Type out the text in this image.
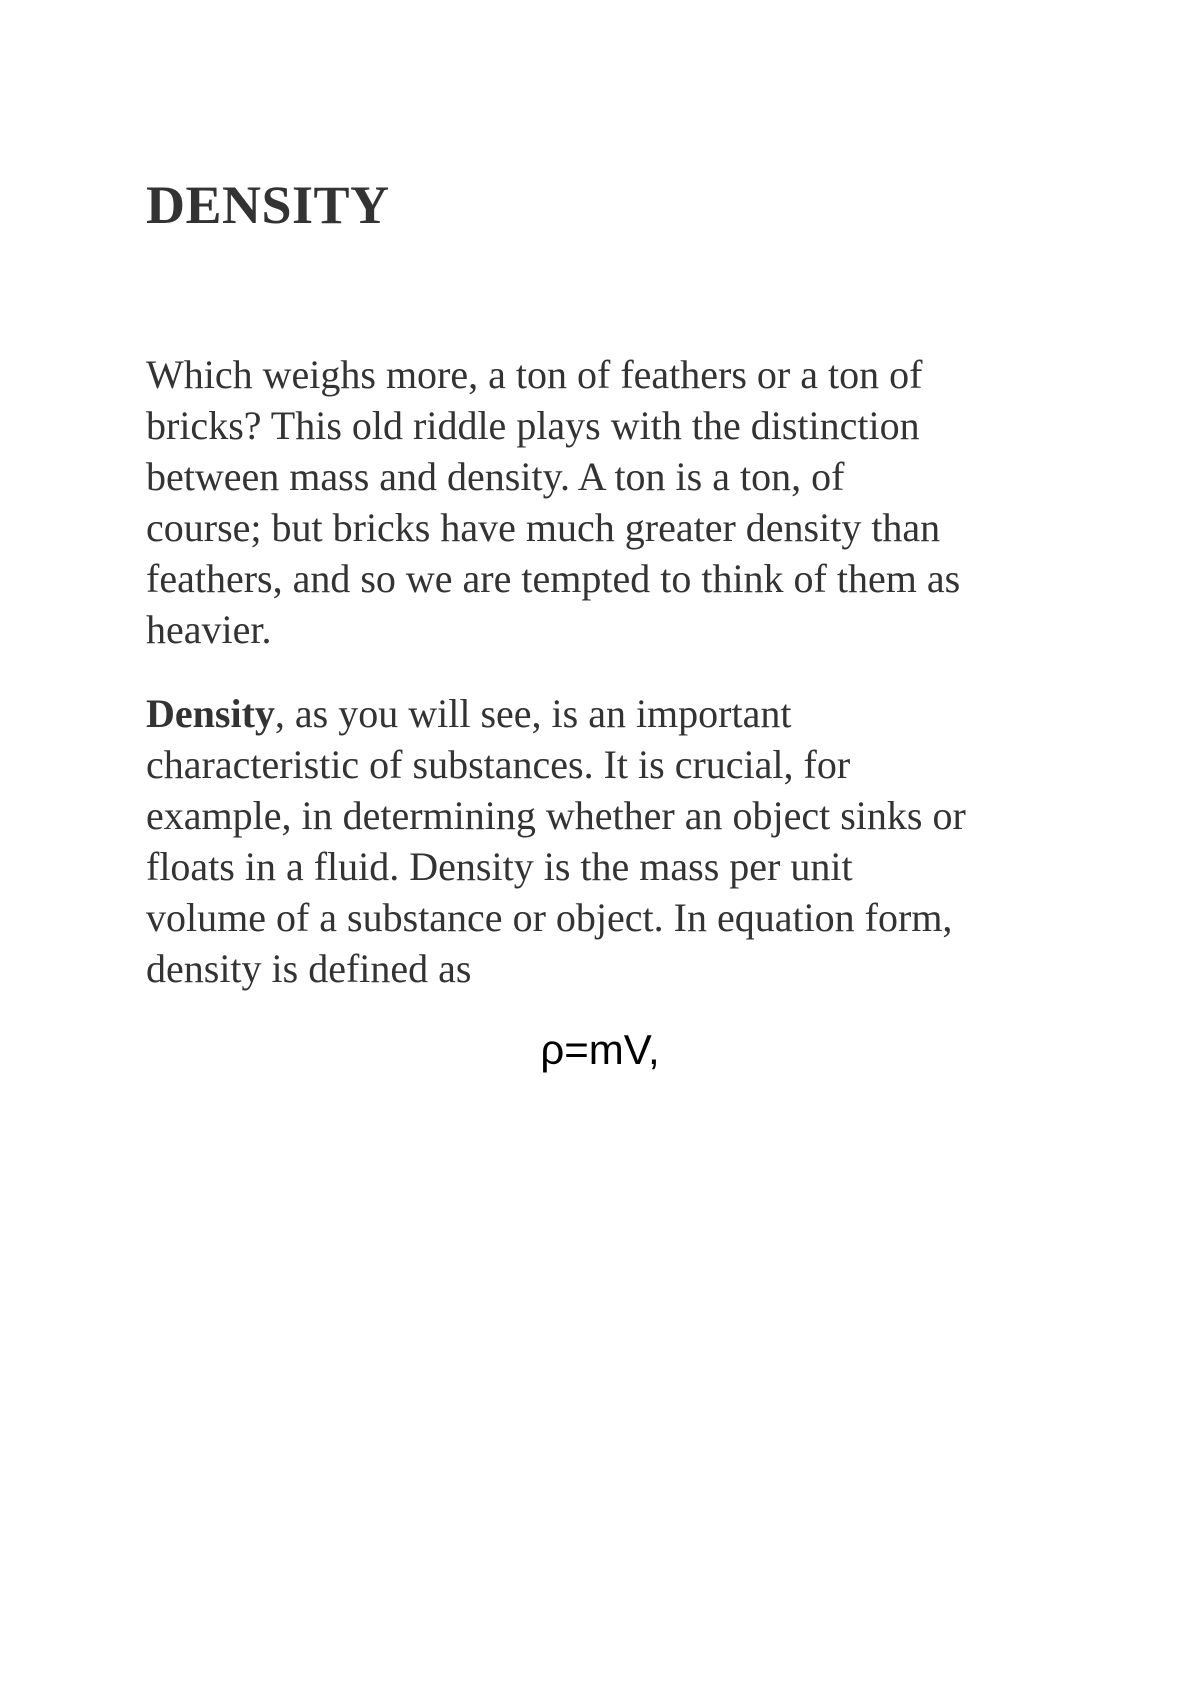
DENSITY

Which weighs more, a ton of feathers or a ton of
bricks? This old riddle plays with the distinction
between mass and density. A ton is a ton, of
course; but bricks have much greater density than
feathers, and so we are tempted to think of them as
heavier.

Density, as you will see, is an important
characteristic of substances. It is crucial, for
example, in determining whether an object sinks or
floats in a fluid. Density is the mass per unit
volume of a substance or object. In equation form,
density is defined as

ρ=mV,
